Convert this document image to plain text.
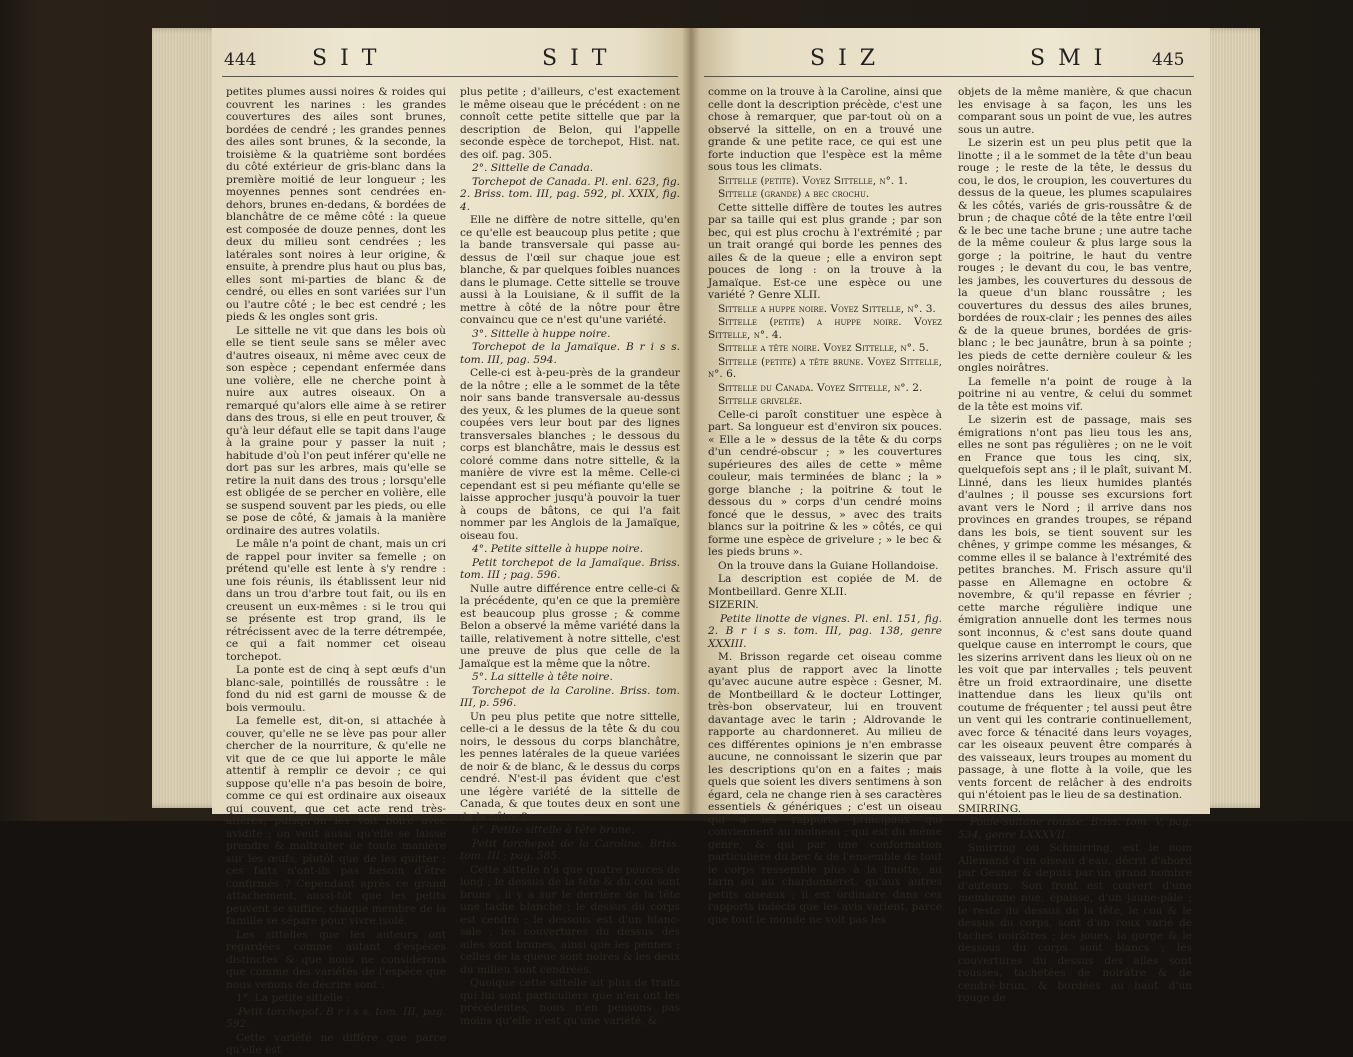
444	S I T	S I T

petites plumes aussi noires & roides qui couvrent les narines : les grandes couvertures des ailes sont brunes, bordées de cendré ; les grandes pennes des ailes sont brunes, & la seconde, la troisième & la quatrième sont bordées du côté extérieur de gris-blanc dans la première moitié de leur longueur ; les moyennes pennes sont cendrées en-dehors, brunes en-dedans, & bordées de blanchâtre de ce même côté : la queue est composée de douze pennes, dont les deux du milieu sont cendrées ; les latérales sont noires à leur origine, & ensuite, à prendre plus haut ou plus bas, elles sont mi-parties de blanc & de cendré, ou elles en sont variées sur l'un ou l'autre côté ; le bec est cendré ; les pieds & les ongles sont gris.

Le sittelle ne vit que dans les bois où elle se tient seule sans se mêler avec d'autres oiseaux, ni même avec ceux de son espèce ; cependant enfermée dans une volière, elle ne cherche point à nuire aux autres oiseaux. On a remarqué qu'alors elle aime à se retirer dans des trous, si elle en peut trouver, & qu'à leur défaut elle se tapit dans l'auge à la graine pour y passer la nuit ; habitude d'où l'on peut inférer qu'elle ne dort pas sur les arbres, mais qu'elle se retire la nuit dans des trous ; lorsqu'elle est obligée de se percher en volière, elle se suspend souvent par les pieds, ou elle se pose de côté, & jamais à la manière ordinaire des autres volatils.

Le mâle n'a point de chant, mais un cri de rappel pour inviter sa femelle ; on prétend qu'elle est lente à s'y rendre : une fois réunis, ils établissent leur nid dans un trou d'arbre tout fait, ou ils en creusent un eux-mêmes : si le trou qui se présente est trop grand, ils le rétrécissent avec de la terre détrempée, ce qui a fait nommer cet oiseau torchepot.

La ponte est de cinq à sept œufs d'un blanc-sale, pointillés de roussâtre : le fond du nid est garni de mousse & de bois vermoulu.

La femelle est, dit-on, si attachée à couver, qu'elle ne se lève pas pour aller chercher de la nourriture, & qu'elle ne vit que de ce que lui apporte le mâle attentif à remplir ce devoir ; ce qui suppose qu'elle n'a pas besoin de boire, comme ce qui est ordinaire aux oiseaux qui couvent, que cet acte rend très-altérés, puisqu'on les voit boire avec avidité ; on veut aussi qu'elle se laisse prendre & maltraiter de toute manière sur les œufs, plutôt que de les quitter ; ces faits n'ont-ils pas besoin d'être confirmés ? Cependant après ce grand attachement, aussi-tôt que les petits peuvent se suffire, chaque membre de la famille se sépare pour vivre isolé.

Les sittelles que les auteurs ont regardées comme autant d'espèces distinctes & que nous ne considérons que comme des variétés de l'espèce que nous venons de décrire sont :

1°. La petite sittelle :

Petit torchepot. B r i s s. tom. III, pag. 592.

Cette variété ne diffère que parce qu'elle est

plus petite ; d'ailleurs, c'est exactement le même oiseau que le précédent : on ne connoît cette petite sittelle que par la description de Belon, qui l'appelle seconde espèce de torchepot, Hist. nat. des oif. pag. 305.

2°. Sittelle de Canada.

Torchepot de Canada. Pl. enl. 623, fig. 2. Briss. tom. III, pag. 592, pl. XXIX, fig. 4.

Elle ne diffère de notre sittelle, qu'en ce qu'elle est beaucoup plus petite ; que la bande transversale qui passe au-dessus de l'œil sur chaque joue est blanche, & par quelques foibles nuances dans le plumage. Cette sittelle se trouve aussi à la Louisiane, & il suffit de la mettre à côté de la nôtre pour être convaincu que ce n'est qu'une variété.

3°. Sittelle à huppe noire.

Torchepot de la Jamaïque. B r i s s. tom. III, pag. 594.

Celle-ci est à-peu-près de la grandeur de la nôtre ; elle a le sommet de la tête noir sans bande transversale au-dessus des yeux, & les plumes de la queue sont coupées vers leur bout par des lignes transversales blanches ; le dessous du corps est blanchâtre, mais le dessus est coloré comme dans notre sittelle, & la manière de vivre est la même. Celle-ci cependant est si peu méfiante qu'elle se laisse approcher jusqu'à pouvoir la tuer à coups de bâtons, ce qui l'a fait nommer par les Anglois de la Jamaïque, oiseau fou.

4°. Petite sittelle à huppe noire.

Petit torchepot de la Jamaïque. Briss. tom. III ; pag. 596.

Nulle autre différence entre celle-ci & la précédente, qu'en ce que la première est beaucoup plus grosse ; & comme Belon a observé la même variété dans la taille, relativement à notre sittelle, c'est une preuve de plus que celle de la Jamaïque est la même que la nôtre.

5°. La sittelle à tête noire.

Torchepot de la Caroline. Briss. tom. III, p. 596.

Un peu plus petite que notre sittelle, celle-ci a le dessus de la tête & du cou noirs, le dessous du corps blanchâtre, les pennes latérales de la queue variées de noir & de blanc, & le dessus du corps cendré. N'est-il pas évident que c'est une légère variété de la sittelle de Canada, & que toutes deux en sont une de la nôtre ?

6°. Petite sittelle à tête brune.

Petit torchepot de la Caroline. Briss. tom. III ; pag. 585.

Cette sittelle n'a que quatre pouces de long ; le dessus de la tête & du cou sont bruns ; il y a sur le derrière de la tête une tache blanche ; le dessus du corps est cendré ; le dessous est d'un blanc-sale ; les couvertures du dessus des ailes sont brunes, ainsi que les pennes ; celles de la queue sont noires & les deux du milieu sont cendrées.

Quoique cette sittelle ait plus de traits qui lui sont particuliers que n'en ont les précédentes, nous n'en pensons pas moins qu'elle n'est qu'une variété, &

S I Z	S M I	445

comme on la trouve à la Caroline, ainsi que celle dont la description précède, c'est une chose à remarquer, que par-tout où on a observé la sittelle, on en a trouvé une grande & une petite race, ce qui est une forte induction que l'espèce est la même sous tous les climats.

Sittelle (petite). Voyez Sittelle, n°. 1.

Sittelle (grande) a bec crochu.

Cette sittelle diffère de toutes les autres par sa taille qui est plus grande ; par son bec, qui est plus crochu à l'extrémité ; par un trait orangé qui borde les pennes des ailes & de la queue ; elle a environ sept pouces de long : on la trouve à la Jamaïque. Est-ce une espèce ou une variété ? Genre XLII.

Sittelle a huppe noire. Voyez Sittelle, n°. 3.

Sittelle (petite) a huppe noire. Voyez Sittelle, n°. 4.

Sittelle a tête noire. Voyez Sittelle, n°. 5.

Sittelle (petite) a tête brune. Voyez Sittelle, n°. 6.

Sittelle du Canada. Voyez Sittelle, n°. 2.

Sittelle grivelée.

Celle-ci paroît constituer une espèce à part. Sa longueur est d'environ six pouces. « Elle a le » dessus de la tête & du corps d'un cendré-obscur ; » les couvertures supérieures des ailes de cette » même couleur, mais terminées de blanc ; la » gorge blanche ; la poitrine & tout le dessous du » corps d'un cendré moins foncé que le dessus, » avec des traits blancs sur la poitrine & les » côtés, ce qui forme une espèce de grivelure ; » le bec & les pieds bruns ».

On la trouve dans la Guiane Hollandoise.

La description est copiée de M. de Montbeillard. Genre XLII.

SIZERIN.

Petite linotte de vignes. Pl. enl. 151, fig. 2. B r i s s. tom. III, pag. 138, genre XXXIII.

M. Brisson regarde cet oiseau comme ayant plus de rapport avec la linotte qu'avec aucune autre espèce : Gesner, M. de Montbeillard & le docteur Lottinger, très-bon observateur, lui en trouvent davantage avec le tarin ; Aldrovande le rapporte au chardonneret. Au milieu de ces différentes opinions je n'en embrasse aucune, ne connoissant le sizerin que par les descriptions qu'on en a faites ; mais quels que soient les divers sentimens à son égard, cela ne change rien à ses caractères essentiels & génériques ; c'est un oiseau qui a les rapports principaux qui conviennent au moineau ; qui est du même genre, & qui par une conformation particulière du bec & de l'ensemble de tout le corps ressemble plus à la linotte, au tarin ou au chardonneret, qu'aux autres petits oiseaux ; il est ordinaire dans ces rapports indécis que les avis varient, parce que tout le monde ne voit pas les

objets de la même manière, & que chacun les envisage à sa façon, les uns les comparant sous un point de vue, les autres sous un autre.

Le sizerin est un peu plus petit que la linotte ; il a le sommet de la tête d'un beau rouge ; le reste de la tête, le dessus du cou, le dos, le croupion, les couvertures du dessus de la queue, les plumes scapulaires & les côtés, variés de gris-roussâtre & de brun ; de chaque côté de la tête entre l'œil & le bec une tache brune ; une autre tache de la même couleur & plus large sous la gorge ; la poitrine, le haut du ventre rouges ; le devant du cou, le bas ventre, les jambes, les couvertures du dessous de la queue d'un blanc roussâtre ; les couvertures du dessus des ailes brunes, bordées de roux-clair ; les pennes des ailes & de la queue brunes, bordées de gris-blanc ; le bec jaunâtre, brun à sa pointe ; les pieds de cette dernière couleur & les ongles noirâtres.

La femelle n'a point de rouge à la poitrine ni au ventre, & celui du sommet de la tête est moins vif.

Le sizerin est de passage, mais ses émigrations n'ont pas lieu tous les ans, elles ne sont pas régulières ; on ne le voit en France que tous les cinq, six, quelquefois sept ans ; il le plaît, suivant M. Linné, dans les lieux humides plantés d'aulnes ; il pousse ses excursions fort avant vers le Nord ; il arrive dans nos provinces en grandes troupes, se répand dans les bois, se tient souvent sur les chênes, y grimpe comme les mésanges, & comme elles il se balance à l'extrémité des petites branches. M. Frisch assure qu'il passe en Allemagne en octobre & novembre, & qu'il repasse en février ; cette marche régulière indique une émigration annuelle dont les termes nous sont inconnus, & c'est sans doute quand quelque cause en interrompt le cours, que les sizerins arrivent dans les lieux où on ne les voit que par intervalles ; tels peuvent être un froid extraordinaire, une disette inattendue dans les lieux qu'ils ont coutume de fréquenter ; tel aussi peut être un vent qui les contrarie continuellement, avec force & ténacité dans leurs voyages, car les oiseaux peuvent être comparés à des vaisseaux, leurs troupes au moment du passage, à une flotte à la voile, que les vents forcent de relâcher à des endroits qui n'étoient pas le lieu de sa destination.

SMIRRING.

Poule-sultane rousse. Briss. tom. V, pag. 534, genre LXXXVII.

Smirring ou Schmirring, est le nom Allemand d'un oiseau d'eau, décrit d'abord par Gesner & depuis par un grand nombre d'auteurs. Son front est couvert d'une membrane nue, épaisse, d'un jaune-pâle ; le reste du dessus de la tête, le cou & le dessus du corps, sont d'un roux varié de taches noirâtres ; les joues, la gorge & le dessous du corps sont blancs ; les couvertures du dessus des ailes sont rousses, tachetées de noirâtre & de cendré-brun, & bordées au haut d'un rouge de
